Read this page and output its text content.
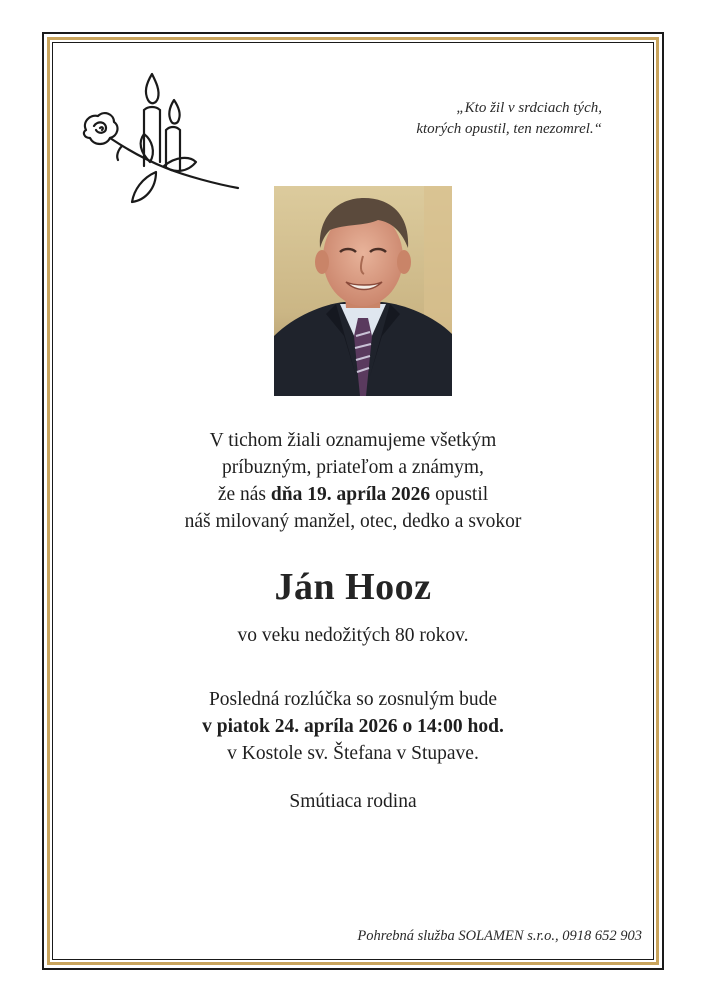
„Kto žil v srdciach tých,
ktorých opustil, ten nezomrel.“
V tichom žiali oznamujeme všetkým
príbuzným, priateľom a známym,
že nás dňa 19. apríla 2026 opustil
náš milovaný manžel, otec, dedko a svokor
Ján Hooz
vo veku nedožitých 80 rokov.
Posledná rozlúčka so zosnulým bude
v piatok 24. apríla 2026 o 14:00 hod.
v Kostole sv. Štefana v Stupave.
Smútiaca rodina
Pohrebná služba SOLAMEN s.r.o., 0918 652 903
